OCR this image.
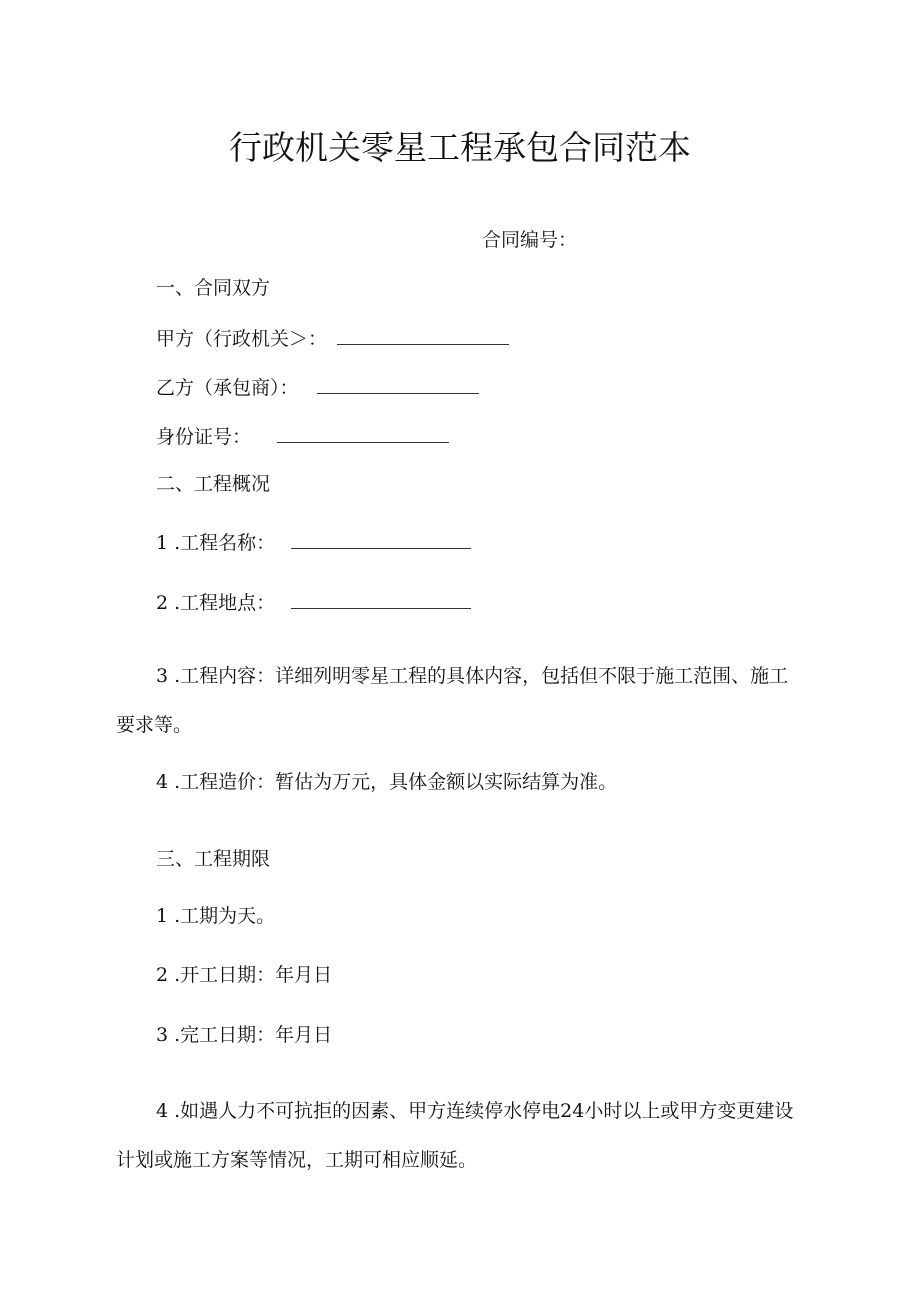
行政机关零星工程承包合同范本
合同编号：
一、合同双方
甲方（行政机关＞：
乙方（承包商）：
身份证号：
二、工程概况
1 .工程名称：
2 .工程地点：
3 .工程内容：详细列明零星工程的具体内容，包括但不限于施工范围、施工要求等。
4 .工程造价：暂估为万元，具体金额以实际结算为准。
三、工程期限
1 .工期为天。
2 .开工日期：年月日
3 .完工日期：年月日
4 .如遇人力不可抗拒的因素、甲方连续停水停电24小时以上或甲方变更建设计划或施工方案等情况，工期可相应顺延。
